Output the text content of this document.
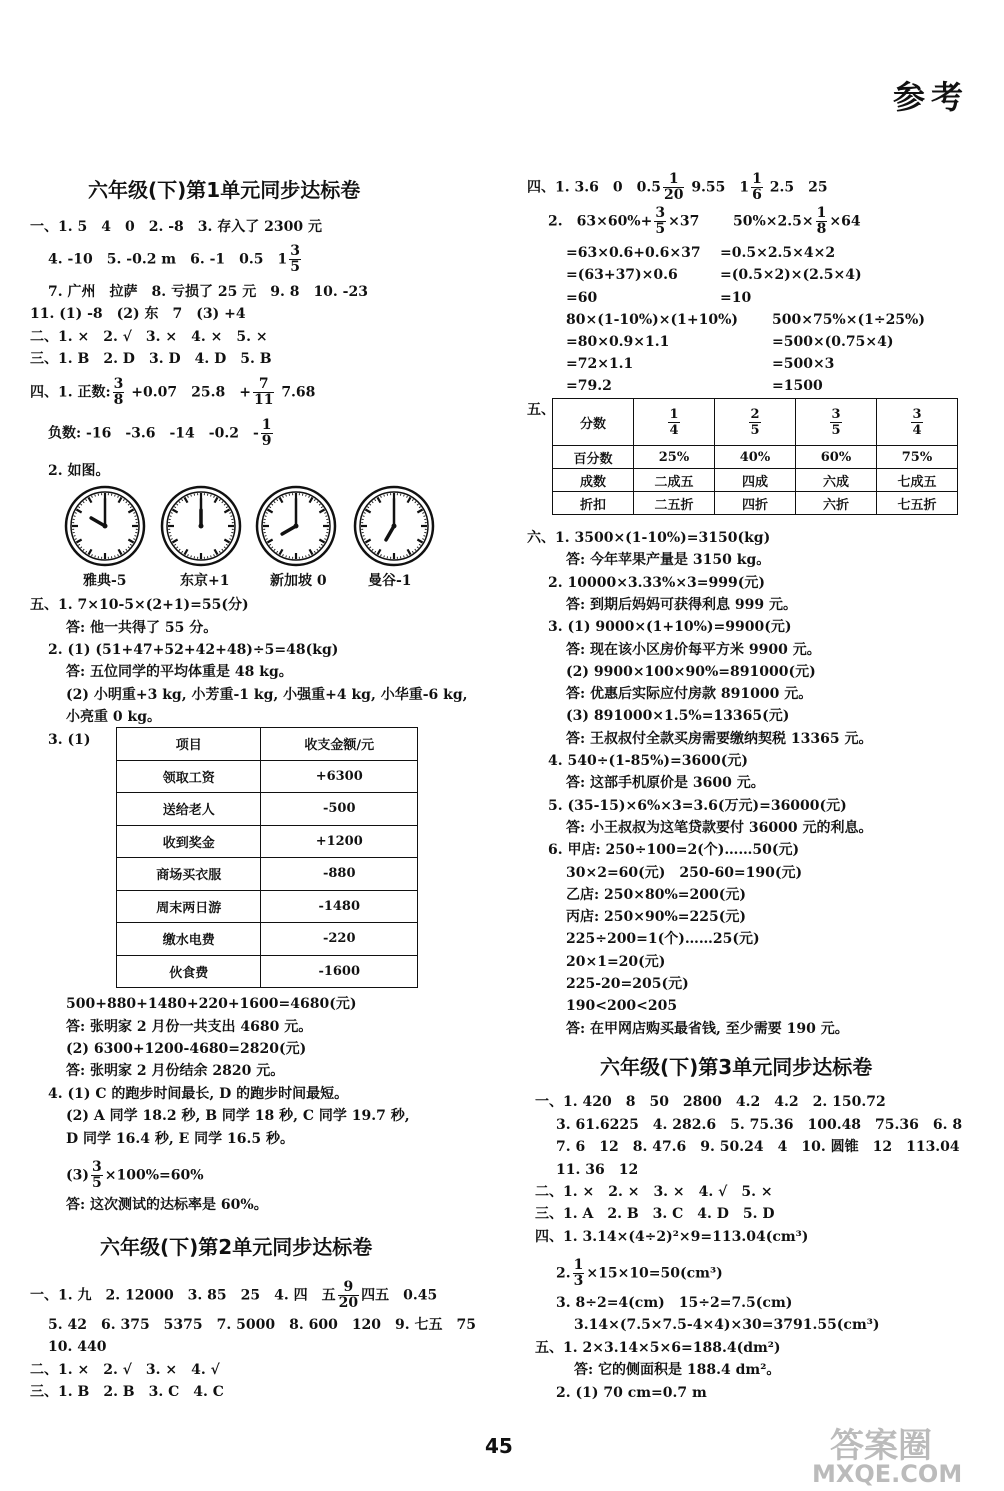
参考
六年级(下)第1单元同步达标卷
一、1. 5　4　0　2. -8　3. 存入了 2300 元
4. -10　5. -0.2 m　6. -1　0.5　$1 \frac{3}{5}$
7. 广州　拉萨　8. 亏损了 25 元　9. 8　10. -23
11. (1) -8　(2) 东　7　(3) +4
二、1. ×　2. √　3. ×　4. ×　5. ×
三、1. B　2. D　3. D　4. D　5. B
四、1. 正数: $\frac{3}{8} +0.07$　25.8　+ $\frac{7}{11} 7.68$
负数: -16　-3.6　-14　-0.2　- $\frac{1}{9}$
2. 如图。
雅典-5	东京+1	新加坡 0	曼谷-1
五、1. 7×10-5×(2+1)=55(分)
答: 他一共得了 55 分。
2. (1) (51+47+52+42+48)÷5=48(kg)
答: 五位同学的平均体重是 48 kg。
(2) 小明重+3 kg, 小芳重-1 kg, 小强重+4 kg, 小华重-6 kg,
小亮重 0 kg。
3. (1)	项目	收支金额/元
领取工资	+6300
送给老人	-500
收到奖金	+1200
商场买衣服	-880
周末两日游	-1480
缴水电费	-220
伙食费	-1600
500+880+1480+220+1600=4680(元)
答: 张明家 2 月份一共支出 4680 元。
(2) 6300+1200-4680=2820(元)
答: 张明家 2 月份结余 2820 元。
4. (1) C 的跑步时间最长, D 的跑步时间最短。
(2) A 同学 18.2 秒, B 同学 18 秒, C 同学 19.7 秒,
D 同学 16.4 秒, E 同学 16.5 秒。
$(3) \frac{3}{5} \times 100\%=60\%$
答: 这次测试的达标率是 60%。
六年级(下)第2单元同步达标卷
一、1. 九　2. 12000　3. 85　25　4. 四　五 $\frac{9}{20}$ 四五　0.45
5. 42　6. 375　5375　7. 5000　8. 600　120　9. 七五　75
10. 440
二、1. ×　2. √　3. ×　4. √
三、1. B　2. B　3. C　4. C
四、1. 3.6　0　$0.5 \frac{1}{20} 9.55$　$1 \frac{1}{6} 2.5$　25
2.　$63\times 60\%+ \frac{3}{5} \times 37$ $50\%\times 2.5\times \frac{1}{8} \times 64$
=63×0.6+0.6×37
=(63+37)×0.6
=60
=0.5×2.5×4×2
=(0.5×2)×(2.5×4)
=10
80×(1-10%)×(1+10%)
=80×0.9×1.1
=72×1.1
=79.2
500×75%×(1÷25%)
=500×(0.75×4)
=500×3
=1500
五、
分数	$\frac{1}{4}$	$\frac{2}{5}$	$\frac{3}{5}$	$\frac{3}{4}$

百分数	25%	40%	60%	75%
成数	二成五	四成	六成	七成五
折扣	二五折	四折	六折	七五折
六、1. 3500×(1-10%)=3150(kg)
答: 今年苹果产量是 3150 kg。
2. 10000×3.33%×3=999(元)
答: 到期后妈妈可获得利息 999 元。
3. (1) 9000×(1+10%)=9900(元)
答: 现在该小区房价每平方米 9900 元。
(2) 9900×100×90%=891000(元)
答: 优惠后实际应付房款 891000 元。
(3) 891000×1.5%=13365(元)
答: 王叔叔付全款买房需要缴纳契税 13365 元。
4. 540÷(1-85%)=3600(元)
答: 这部手机原价是 3600 元。
5. (35-15)×6%×3=3.6(万元)=36000(元)
答: 小王叔叔为这笔贷款要付 36000 元的利息。
6. 甲店: 250÷100=2(个)……50(元)
30×2=60(元)　250-60=190(元)
乙店: 250×80%=200(元)
丙店: 250×90%=225(元)
225÷200=1(个)……25(元)
20×1=20(元)
225-20=205(元)
190<200<205
答: 在甲网店购买最省钱, 至少需要 190 元。
六年级(下)第3单元同步达标卷
一、1. 420　8　50　2800　4.2　4.2　2. 150.72
3. 61.6225　4. 282.6　5. 75.36　100.48　75.36　6. 8
7. 6　12　8. 47.6　9. 50.24　4　10. 圆锥　12　113.04
11. 36　12
二、1. ×　2. ×　3. ×　4. √　5. ×
三、1. A　2. B　3. C　4. D　5. D
四、1. 3.14×(4÷2)²×9=113.04(cm³)
2. $\frac{1}{3} \times 15\times 10=50(cm^3)$
3. 8÷2=4(cm)　15÷2=7.5(cm)
3.14×(7.5×7.5-4×4)×30=3791.55(cm³)
五、1. 2×3.14×5×6=188.4(dm²)
答: 它的侧面积是 188.4 dm²。
2. (1) 70 cm=0.7 m
45	答案圈
MXQE.COM
